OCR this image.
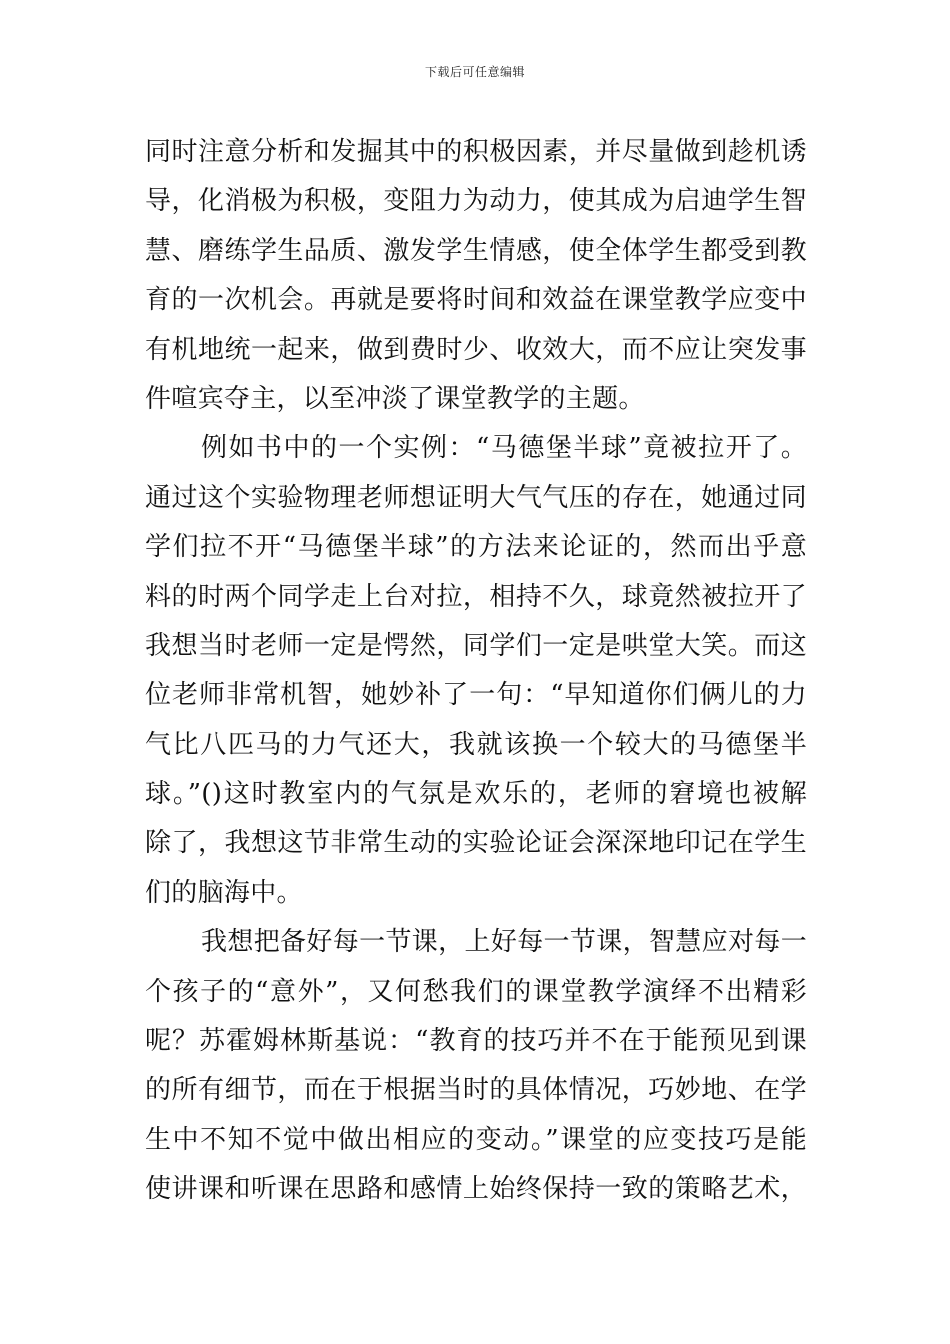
下载后可任意编辑
同时注意分析和发掘其中的积极因素，并尽量做到趁机诱
导，化消极为积极，变阻力为动力，使其成为启迪学生智
慧、磨练学生品质、激发学生情感，使全体学生都受到教
育的一次机会。再就是要将时间和效益在课堂教学应变中
有机地统一起来，做到费时少、收效大，而不应让突发事
件喧宾夺主，以至冲淡了课堂教学的主题。
例如书中的一个实例：“马德堡半球”竟被拉开了。
通过这个实验物理老师想证明大气气压的存在，她通过同
学们拉不开“马德堡半球”的方法来论证的，然而出乎意
料的时两个同学走上台对拉，相持不久，球竟然被拉开了
我想当时老师一定是愕然，同学们一定是哄堂大笑。而这
位老师非常机智，她妙补了一句：“早知道你们俩儿的力
气比八匹马的力气还大，我就该换一个较大的马德堡半
球。”()这时教室内的气氛是欢乐的，老师的窘境也被解
除了，我想这节非常生动的实验论证会深深地印记在学生
们的脑海中。
我想把备好每一节课，上好每一节课，智慧应对每一
个孩子的“意外”，又何愁我们的课堂教学演绎不出精彩
呢？苏霍姆林斯基说：“教育的技巧并不在于能预见到课
的所有细节，而在于根据当时的具体情况，巧妙地、在学
生中不知不觉中做出相应的变动。”课堂的应变技巧是能
使讲课和听课在思路和感情上始终保持一致的策略艺术，
